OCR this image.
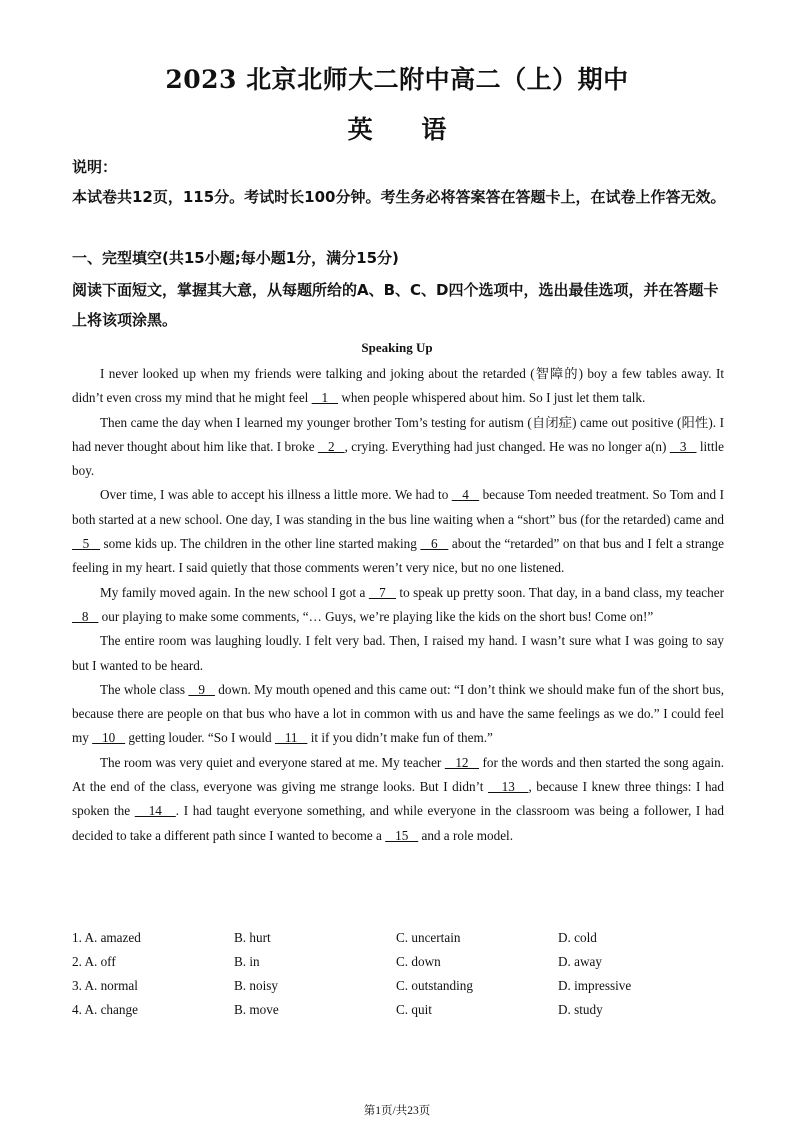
2023 北京北师大二附中高二（上）期中
英 语
说明：
本试卷共12页，115分。考试时长100分钟。考生务必将答案答在答题卡上，在试卷上作答无效。
一、完型填空(共15小题;每小题1分，满分15分)
阅读下面短文，掌握其大意，从每题所给的A、B、C、D四个选项中，选出最佳选项，并在答题卡上将该项涂黑。
Speaking Up

I never looked up when my friends were talking and joking about the retarded (智障的) boy a few tables away. It didn’t even cross my mind that he might feel    1    when people whispered about him. So I just let them talk.

Then came the day when I learned my younger brother Tom’s testing for autism (自闭症) came out positive (阳性). I had never thought about him like that. I broke    2   , crying. Everything had just changed. He was no longer a(n)    3    little boy.

Over time, I was able to accept his illness a little more. We had to    4    because Tom needed treatment. So Tom and I both started at a new school. One day, I was standing in the bus line waiting when a “short” bus (for the retarded) came and    5    some kids up. The children in the other line started making    6    about the “retarded” on that bus and I felt a strange feeling in my heart. I said quietly that those comments weren’t very nice, but no one listened.

My family moved again. In the new school I got a    7    to speak up pretty soon. That day, in a band class, my teacher    8    our playing to make some comments, “… Guys, we’re playing like the kids on the short bus! Come on!”

The entire room was laughing loudly. I felt very bad. Then, I raised my hand. I wasn’t sure what I was going to say but I wanted to be heard.

The whole class    9    down. My mouth opened and this came out: “I don’t think we should make fun of the short bus, because there are people on that bus who have a lot in common with us and have the same feelings as we do.” I could feel my    10    getting louder. “So I would    11    it if you didn’t make fun of them.”

The room was very quiet and everyone stared at me. My teacher    12    for the words and then started the song again. At the end of the class, everyone was giving me strange looks. But I didn’t    13   , because I knew three things: I had spoken the    14   . I had taught everyone something, and while everyone in the classroom was being a follower, I had decided to take a different path since I wanted to become a    15    and a role model.

1. A. amazed	B. hurt	C. uncertain	D. cold
2. A. off	B. in	C. down	D. away
3. A. normal	B. noisy	C. outstanding	D. impressive
4. A. change	B. move	C. quit	D. study
第1页/共23页
